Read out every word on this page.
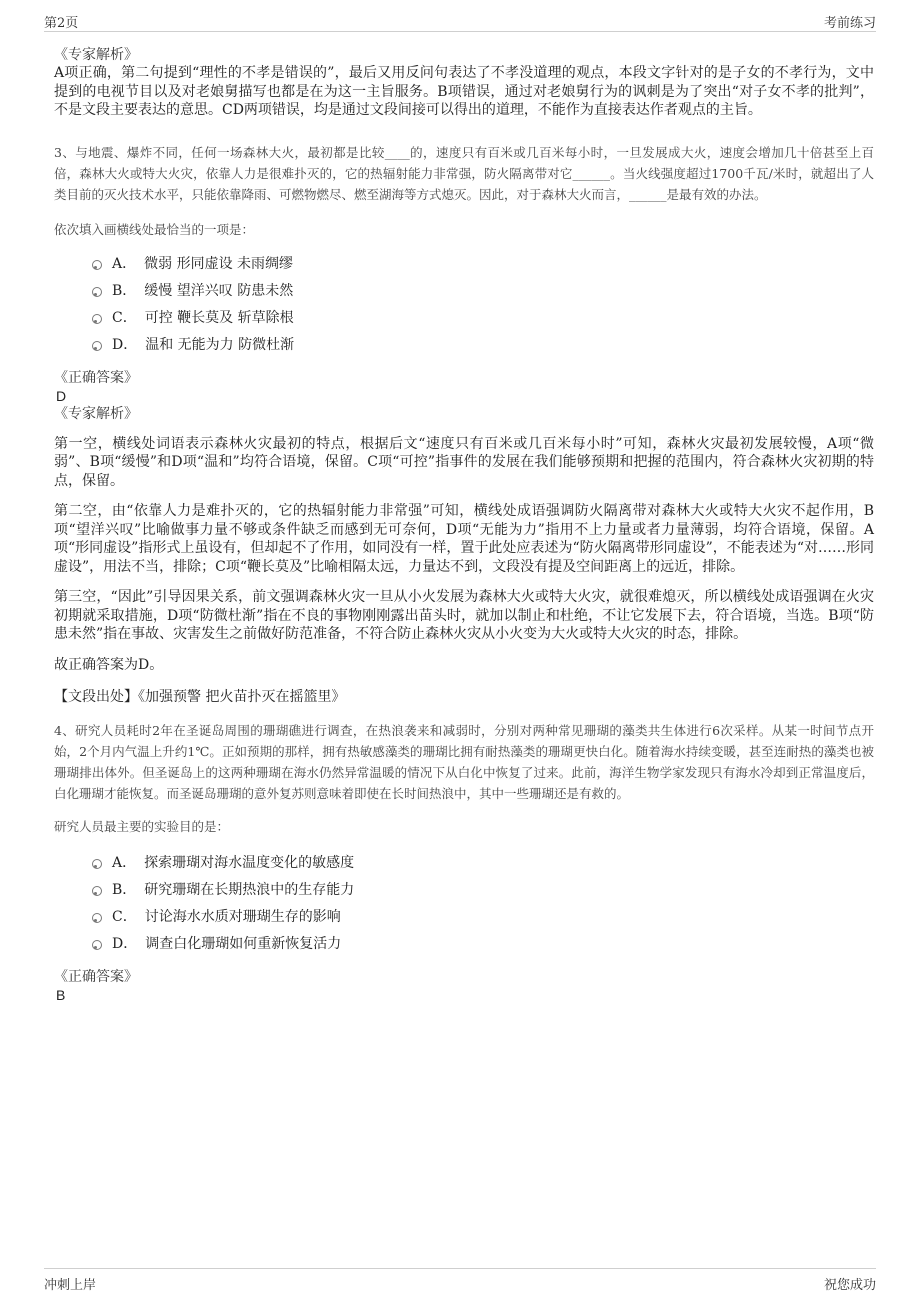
第2页	考前练习
《专家解析》

A项正确，第二句提到“理性的不孝是错误的”，最后又用反问句表达了不孝没道理的观点，本段文字针对的是子女的不孝行为，文中提到的电视节目以及对老娘舅描写也都是在为这一主旨服务。B项错误，通过对老娘舅行为的讽刺是为了突出“对子女不孝的批判”，不是文段主要表达的意思。CD两项错误，均是通过文段间接可以得出的道理，不能作为直接表达作者观点的主旨。

3、与地震、爆炸不同，任何一场森林大火，最初都是比较____的，速度只有百米或几百米每小时，一旦发展成大火，速度会增加几十倍甚至上百倍，森林大火或特大火灾，依靠人力是很难扑灭的，它的热辐射能力非常强，防火隔离带对它______。当火线强度超过1700千瓦/米时，就超出了人类目前的灭火技术水平，只能依靠降雨、可燃物燃尽、燃至湖海等方式熄灭。因此，对于森林大火而言，______是最有效的办法。

依次填入画横线处最恰当的一项是：

A． 微弱 形同虚设 未雨绸缪
B． 缓慢 望洋兴叹 防患未然
C． 可控 鞭长莫及 斩草除根
D． 温和 无能为力 防微杜渐
《正确答案》
D
《专家解析》

第一空，横线处词语表示森林火灾最初的特点，根据后文“速度只有百米或几百米每小时”可知，森林火灾最初发展较慢，A项“微弱”、B项“缓慢”和D项“温和”均符合语境，保留。C项“可控”指事件的发展在我们能够预期和把握的范围内，符合森林火灾初期的特点，保留。

第二空，由“依靠人力是难扑灭的，它的热辐射能力非常强”可知，横线处成语强调防火隔离带对森林大火或特大火灾不起作用，B项“望洋兴叹”比喻做事力量不够或条件缺乏而感到无可奈何，D项“无能为力”指用不上力量或者力量薄弱，均符合语境，保留。A项“形同虚设”指形式上虽设有，但却起不了作用，如同没有一样，置于此处应表述为“防火隔离带形同虚设”，不能表述为“对……形同虚设”，用法不当，排除；C项“鞭长莫及”比喻相隔太远，力量达不到，文段没有提及空间距离上的远近，排除。

第三空，“因此”引导因果关系，前文强调森林火灾一旦从小火发展为森林大火或特大火灾，就很难熄灭，所以横线处成语强调在火灾初期就采取措施，D项“防微杜渐”指在不良的事物刚刚露出苗头时，就加以制止和杜绝，不让它发展下去，符合语境，当选。B项“防患未然”指在事故、灾害发生之前做好防范准备，不符合防止森林火灾从小火变为大火或特大火灾的时态，排除。

故正确答案为D。

【文段出处】《加强预警 把火苗扑灭在摇篮里》

4、研究人员耗时2年在圣诞岛周围的珊瑚礁进行调查，在热浪袭来和减弱时，分别对两种常见珊瑚的藻类共生体进行6次采样。从某一时间节点开始，2个月内气温上升约1℃。正如预期的那样，拥有热敏感藻类的珊瑚比拥有耐热藻类的珊瑚更快白化。随着海水持续变暖，甚至连耐热的藻类也被珊瑚排出体外。但圣诞岛上的这两种珊瑚在海水仍然异常温暖的情况下从白化中恢复了过来。此前，海洋生物学家发现只有海水冷却到正常温度后，白化珊瑚才能恢复。而圣诞岛珊瑚的意外复苏则意味着即使在长时间热浪中，其中一些珊瑚还是有救的。

研究人员最主要的实验目的是：

A． 探索珊瑚对海水温度变化的敏感度
B． 研究珊瑚在长期热浪中的生存能力
C． 讨论海水水质对珊瑚生存的影响
D． 调查白化珊瑚如何重新恢复活力
《正确答案》
B
冲刺上岸	祝您成功
